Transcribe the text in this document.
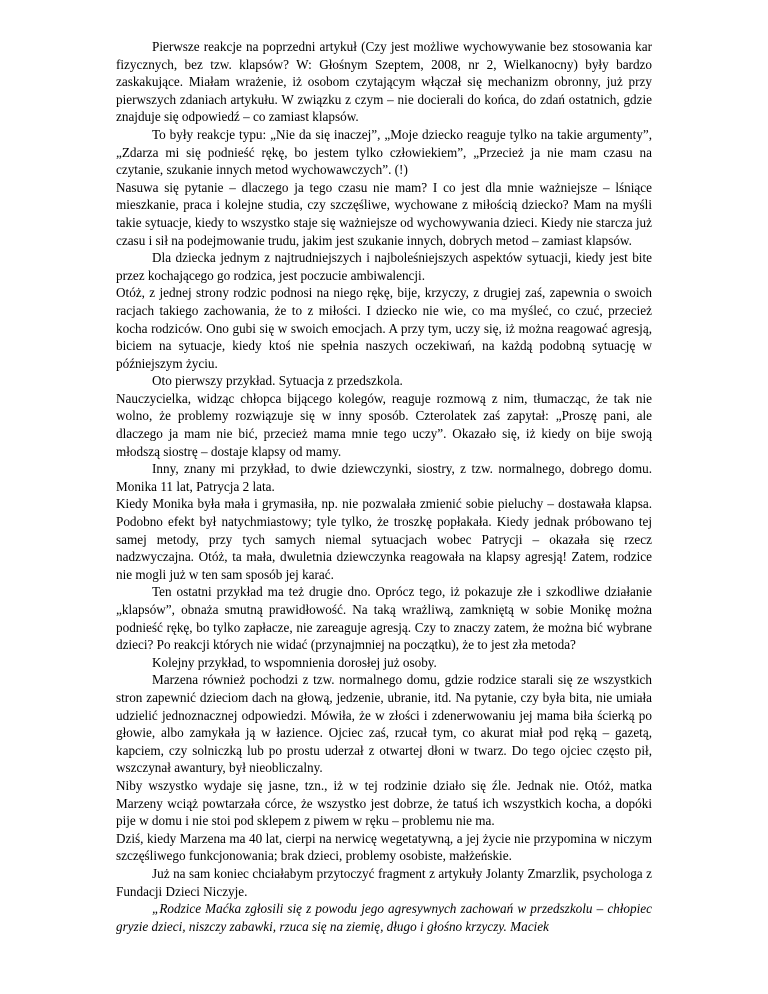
Pierwsze reakcje na poprzedni artykuł (Czy jest możliwe wychowywanie bez stosowania kar fizycznych, bez tzw. klapsów? W: Głośnym Szeptem, 2008, nr 2, Wielkanocny) były bardzo zaskakujące. Miałam wrażenie, iż osobom czytającym włączał się mechanizm obronny, już przy pierwszych zdaniach artykułu. W związku z czym – nie docierali do końca, do zdań ostatnich, gdzie znajduje się odpowiedź – co zamiast klapsów.

To były reakcje typu: „Nie da się inaczej”, „Moje dziecko reaguje tylko na takie argumenty”, „Zdarza mi się podnieść rękę, bo jestem tylko człowiekiem”, „Przecież ja nie mam czasu na czytanie, szukanie innych metod wychowawczych”. (!)

Nasuwa się pytanie – dlaczego ja tego czasu nie mam? I co jest dla mnie ważniejsze – lśniące mieszkanie, praca i kolejne studia, czy szczęśliwe, wychowane z miłością dziecko? Mam na myśli takie sytuacje, kiedy to wszystko staje się ważniejsze od wychowywania dzieci. Kiedy nie starcza już czasu i sił na podejmowanie trudu, jakim jest szukanie innych, dobrych metod – zamiast klapsów.

Dla dziecka jednym z najtrudniejszych i najboleśniejszych aspektów sytuacji, kiedy jest bite przez kochającego go rodzica, jest poczucie ambiwalencji.

Otóż, z jednej strony rodzic podnosi na niego rękę, bije, krzyczy, z drugiej zaś, zapewnia o swoich racjach takiego zachowania, że to z miłości. I dziecko nie wie, co ma myśleć, co czuć, przecież kocha rodziców. Ono gubi się w swoich emocjach. A przy tym, uczy się, iż można reagować agresją, biciem na sytuacje, kiedy ktoś nie spełnia naszych oczekiwań, na każdą podobną sytuację w późniejszym życiu.

Oto pierwszy przykład. Sytuacja z przedszkola.

Nauczycielka, widząc chłopca bijącego kolegów, reaguje rozmową z nim, tłumacząc, że tak nie wolno, że problemy rozwiązuje się w inny sposób. Czterolatek zaś zapytał: „Proszę pani, ale dlaczego ja mam nie bić, przecież mama mnie tego uczy”. Okazało się, iż kiedy on bije swoją młodszą siostrę – dostaje klapsy od mamy.

Inny, znany mi przykład, to dwie dziewczynki, siostry, z tzw. normalnego, dobrego domu. Monika 11 lat, Patrycja 2 lata.

Kiedy Monika była mała i grymasiła, np. nie pozwalała zmienić sobie pieluchy – dostawała klapsa. Podobno efekt był natychmiastowy; tyle tylko, że troszkę popłakała. Kiedy jednak próbowano tej samej metody, przy tych samych niemal sytuacjach wobec Patrycji – okazała się rzecz nadzwyczajna. Otóż, ta mała, dwuletnia dziewczynka reagowała na klapsy agresją! Zatem, rodzice nie mogli już w ten sam sposób jej karać.

Ten ostatni przykład ma też drugie dno. Oprócz tego, iż pokazuje złe i szkodliwe działanie „klapsów”, obnaża smutną prawidłowość. Na taką wrażliwą, zamkniętą w sobie Monikę można podnieść rękę, bo tylko zapłacze, nie zareaguje agresją. Czy to znaczy zatem, że można bić wybrane dzieci? Po reakcji których nie widać (przynajmniej na początku), że to jest zła metoda?

Kolejny przykład, to wspomnienia dorosłej już osoby.

Marzena również pochodzi z tzw. normalnego domu, gdzie rodzice starali się ze wszystkich stron zapewnić dzieciom dach na głową, jedzenie, ubranie, itd. Na pytanie, czy była bita, nie umiała udzielić jednoznacznej odpowiedzi. Mówiła, że w złości i zdenerwowaniu jej mama biła ścierką po głowie, albo zamykała ją w łazience. Ojciec zaś, rzucał tym, co akurat miał pod ręką – gazetą, kapciem, czy solniczką lub po prostu uderzał z otwartej dłoni w twarz. Do tego ojciec często pił, wszczynał awantury, był nieobliczalny.

Niby wszystko wydaje się jasne, tzn., iż w tej rodzinie działo się źle. Jednak nie. Otóż, matka Marzeny wciąż powtarzała córce, że wszystko jest dobrze, że tatuś ich wszystkich kocha, a dopóki pije w domu i nie stoi pod sklepem z piwem w ręku – problemu nie ma.

Dziś, kiedy Marzena ma 40 lat, cierpi na nerwicę wegetatywną, a jej życie nie przypomina w niczym szczęśliwego funkcjonowania; brak dzieci, problemy osobiste, małżeńskie.

Już na sam koniec chciałabym przytoczyć fragment z artykuły Jolanty Zmarzlik, psychologa z Fundacji Dzieci Niczyje.

„Rodzice Maćka zgłosili się z powodu jego agresywnych zachowań w przedszkolu – chłopiec gryzie dzieci, niszczy zabawki, rzuca się na ziemię, długo i głośno krzyczy. Maciek
